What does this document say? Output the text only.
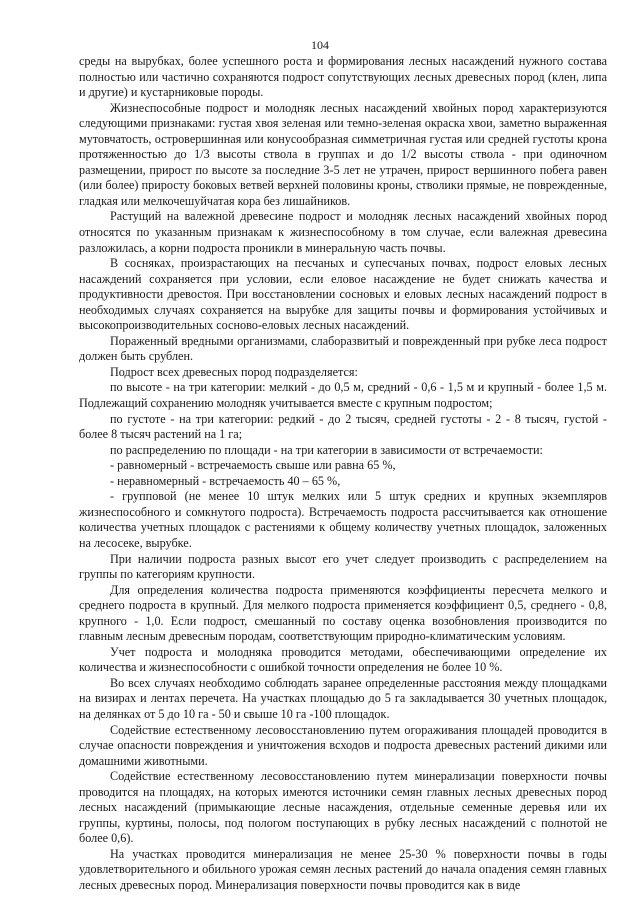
104

среды на вырубках, более успешного роста и формирования лесных насаждений нужного состава полностью или частично сохраняются подрост сопутствующих лесных древесных пород (клен, липа и другие) и кустарниковые породы.

Жизнеспособные подрост и молодняк лесных насаждений хвойных пород характеризуются следующими признаками: густая хвоя зеленая или темно-зеленая окраска хвои, заметно выраженная мутовчатость, островершинная или конусообразная симметричная густая или средней густоты крона протяженностью до 1/3 высоты ствола в группах и до 1/2 высоты ствола - при одиночном размещении, прирост по высоте за последние 3-5 лет не утрачен, прирост вершинного побега равен (или более) приросту боковых ветвей верхней половины кроны, стволики прямые, не поврежденные, гладкая или мелкочешуйчатая кора без лишайников.

Растущий на валежной древесине подрост и молодняк лесных насаждений хвойных пород относятся по указанным признакам к жизнеспособному в том случае, если валежная древесина разложилась, а корни подроста проникли в минеральную часть почвы.

В сосняках, произрастающих на песчаных и супесчаных почвах, подрост еловых лесных насаждений сохраняется при условии, если еловое насаждение не будет снижать качества и продуктивности древостоя. При восстановлении сосновых и еловых лесных насаждений подрост в необходимых случаях сохраняется на вырубке для защиты почвы и формирования устойчивых и высокопроизводительных сосново-еловых лесных насаждений.

Пораженный вредными организмами, слаборазвитый и поврежденный при рубке леса подрост должен быть срублен.

Подрост всех древесных пород подразделяется:

по высоте - на три категории: мелкий - до 0,5 м, средний - 0,6 - 1,5 м и крупный - более 1,5 м. Подлежащий сохранению молодняк учитывается вместе с крупным подростом;

по густоте - на три категории: редкий - до 2 тысяч, средней густоты - 2 - 8 тысяч, густой - более 8 тысяч растений на 1 га;

по распределению по площади - на три категории в зависимости от встречаемости:

- равномерный - встречаемость свыше или равна 65 %,

- неравномерный - встречаемость 40 – 65 %,

- групповой (не менее 10 штук мелких или 5 штук средних и крупных экземпляров жизнеспособного и сомкнутого подроста). Встречаемость подроста рассчитывается как отношение количества учетных площадок с растениями к общему количеству учетных площадок, заложенных на лесосеке, вырубке.

При наличии подроста разных высот его учет следует производить с распределением на группы по категориям крупности.

Для определения количества подроста применяются коэффициенты пересчета мелкого и среднего подроста в крупный. Для мелкого подроста применяется коэффициент 0,5, среднего - 0,8, крупного - 1,0. Если подрост, смешанный по составу оценка возобновления производится по главным лесным древесным породам, соответствующим природно-климатическим условиям.

Учет подроста и молодняка проводится методами, обеспечивающими определение их количества и жизнеспособности с ошибкой точности определения не более 10 %.

Во всех случаях необходимо соблюдать заранее определенные расстояния между площадками на визирах и лентах перечета. На участках площадью до 5 га закладывается 30 учетных площадок, на делянках от 5 до 10 га - 50 и свыше 10 га -100 площадок.

Содействие естественному лесовосстановлению путем огораживания площадей проводится в случае опасности повреждения и уничтожения всходов и подроста древесных растений дикими или домашними животными.

Содействие естественному лесовосстановлению путем минерализации поверхности почвы проводится на площадях, на которых имеются источники семян главных лесных древесных пород лесных насаждений (примыкающие лесные насаждения, отдельные семенные деревья или их группы, куртины, полосы, под пологом поступающих в рубку лесных насаждений с полнотой не более 0,6).

На участках проводится минерализация не менее 25-30 % поверхности почвы в годы удовлетворительного и обильного урожая семян лесных растений до начала опадения семян главных лесных древесных пород. Минерализация поверхности почвы проводится как в виде
